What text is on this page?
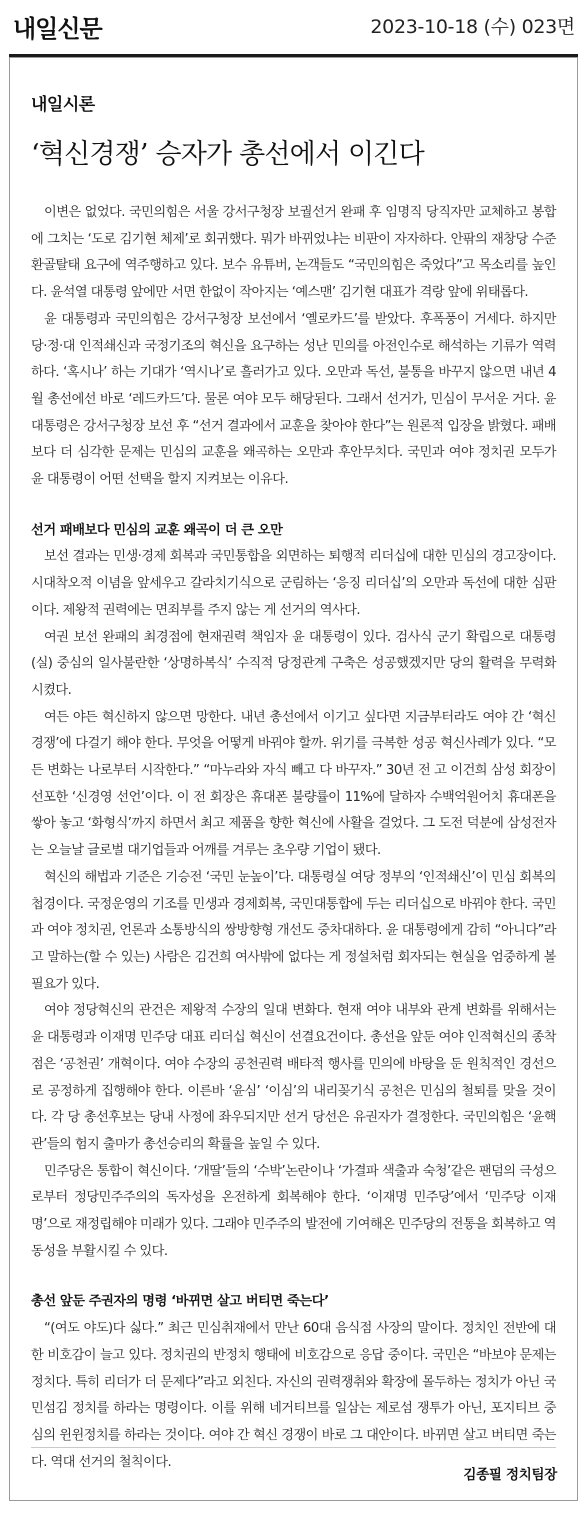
내일신문	2023-10-18 (수) 023면
내일시론
‘혁신경쟁’ 승자가 총선에서 이긴다

이변은 없었다. 국민의힘은 서울 강서구청장 보궐선거 완패 후 임명직 당직자만 교체하고 봉합에 그치는 ‘도로 김기현 체제’로 회귀했다. 뭐가 바뀌었냐는 비판이 자자하다. 안팎의 재창당 수준 환골탈태 요구에 역주행하고 있다. 보수 유튜버, 논객들도 “국민의힘은 죽었다”고 목소리를 높인다. 윤석열 대통령 앞에만 서면 한없이 작아지는 ‘예스맨’ 김기현 대표가 격랑 앞에 위태롭다.

윤 대통령과 국민의힘은 강서구청장 보선에서 ‘옐로카드’를 받았다. 후폭풍이 거세다. 하지만 당·정·대 인적쇄신과 국정기조의 혁신을 요구하는 성난 민의를 아전인수로 해석하는 기류가 역력하다. ‘혹시나’ 하는 기대가 ‘역시나’로 흘러가고 있다. 오만과 독선, 불통을 바꾸지 않으면 내년 4월 총선에선 바로 ‘레드카드’다. 물론 여야 모두 해당된다. 그래서 선거가, 민심이 무서운 거다. 윤 대통령은 강서구청장 보선 후 “선거 결과에서 교훈을 찾아야 한다”는 원론적 입장을 밝혔다. 패배보다 더 심각한 문제는 민심의 교훈을 왜곡하는 오만과 후안무치다. 국민과 여야 정치권 모두가 윤 대통령이 어떤 선택을 할지 지켜보는 이유다.

선거 패배보다 민심의 교훈 왜곡이 더 큰 오만

보선 결과는 민생·경제 회복과 국민통합을 외면하는 퇴행적 리더십에 대한 민심의 경고장이다. 시대착오적 이념을 앞세우고 갈라치기식으로 군림하는 ‘응징 리더십’의 오만과 독선에 대한 심판이다. 제왕적 권력에는 면죄부를 주지 않는 게 선거의 역사다.

여권 보선 완패의 최경점에 현재권력 책임자 윤 대통령이 있다. 검사식 군기 확립으로 대통령(실) 중심의 일사불란한 ‘상명하복식’ 수직적 당정관계 구축은 성공했겠지만 당의 활력을 무력화시켰다.

여든 야든 혁신하지 않으면 망한다. 내년 총선에서 이기고 싶다면 지금부터라도 여야 간 ‘혁신경쟁’에 다걸기 해야 한다. 무엇을 어떻게 바꿔야 할까. 위기를 극복한 성공 혁신사례가 있다. “모든 변화는 나로부터 시작한다.” “마누라와 자식 빼고 다 바꾸자.” 30년 전 고 이건희 삼성 회장이 선포한 ‘신경영 선언’이다. 이 전 회장은 휴대폰 불량률이 11%에 달하자 수백억원어치 휴대폰을 쌓아 놓고 ‘화형식’까지 하면서 최고 제품을 향한 혁신에 사활을 걸었다. 그 도전 덕분에 삼성전자는 오늘날 글로벌 대기업들과 어깨를 겨루는 초우량 기업이 됐다.

혁신의 해법과 기준은 기승전 ‘국민 눈높이’다. 대통령실 여당 정부의 ‘인적쇄신’이 민심 회복의 첩경이다. 국정운영의 기조를 민생과 경제회복, 국민대통합에 두는 리더십으로 바꿔야 한다. 국민과 여야 정치권, 언론과 소통방식의 쌍방향형 개선도 중차대하다. 윤 대통령에게 감히 “아니다”라고 말하는(할 수 있는) 사람은 김건희 여사밖에 없다는 게 정설처럼 회자되는 현실을 엄중하게 볼 필요가 있다.

여야 정당혁신의 관건은 제왕적 수장의 일대 변화다. 현재 여야 내부와 관계 변화를 위해서는 윤 대통령과 이재명 민주당 대표 리더십 혁신이 선결요건이다. 총선을 앞둔 여야 인적혁신의 종착점은 ‘공천권’ 개혁이다. 여야 수장의 공천권력 배타적 행사를 민의에 바탕을 둔 원칙적인 경선으로 공정하게 집행해야 한다. 이른바 ‘윤심’ ‘이심’의 내리꽂기식 공천은 민심의 철퇴를 맞을 것이다. 각 당 총선후보는 당내 사정에 좌우되지만 선거 당선은 유권자가 결정한다. 국민의힘은 ‘윤핵관’들의 험지 출마가 총선승리의 확률을 높일 수 있다.

민주당은 통합이 혁신이다. ‘개딸’들의 ‘수박’논란이나 ‘가결파 색출과 숙청’같은 팬덤의 극성으로부터 정당민주주의의 독자성을 온전하게 회복해야 한다. ‘이재명 민주당’에서 ‘민주당 이재명’으로 재정립해야 미래가 있다. 그래야 민주주의 발전에 기여해온 민주당의 전통을 회복하고 역동성을 부활시킬 수 있다.

총선 앞둔 주권자의 명령 ‘바뀌면 살고 버티면 죽는다’

“(여도 야도)다 싫다.” 최근 민심취재에서 만난 60대 음식점 사장의 말이다. 정치인 전반에 대한 비호감이 늘고 있다. 정치권의 반정치 행태에 비호감으로 응답 중이다. 국민은 “바보야 문제는 정치다. 특히 리더가 더 문제다”라고 외친다. 자신의 권력쟁취와 확장에 몰두하는 정치가 아닌 국민섬김 정치를 하라는 명령이다. 이를 위해 네거티브를 일삼는 제로섬 쟁투가 아닌, 포지티브 중심의 윈윈정치를 하라는 것이다. 여야 간 혁신 경쟁이 바로 그 대안이다. 바뀌면 살고 버티면 죽는다. 역대 선거의 철칙이다.

김종필 정치팀장
